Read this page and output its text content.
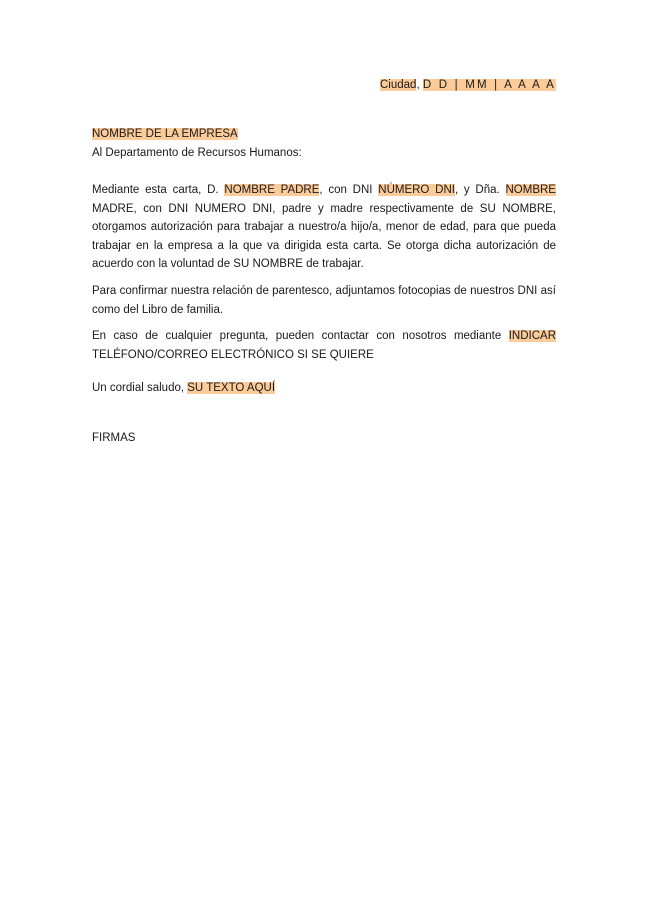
Ciudad, D D | MM | A A A A
NOMBRE DE LA EMPRESA
Al Departamento de Recursos Humanos:
Mediante esta carta, D. NOMBRE PADRE, con DNI NÚMERO DNI, y Dña. NOMBRE MADRE, con DNI NUMERO DNI, padre y madre respectivamente de SU NOMBRE, otorgamos autorización para trabajar a nuestro/a hijo/a, menor de edad, para que pueda trabajar en la empresa a la que va dirigida esta carta. Se otorga dicha autorización de acuerdo con la voluntad de SU NOMBRE de trabajar.
Para confirmar nuestra relación de parentesco, adjuntamos fotocopias de nuestros DNI así como del Libro de familia.
En caso de cualquier pregunta, pueden contactar con nosotros mediante INDICAR TELÉFONO/CORREO ELECTRÓNICO SI SE QUIERE
Un cordial saludo, SU TEXTO AQUÍ
FIRMAS
